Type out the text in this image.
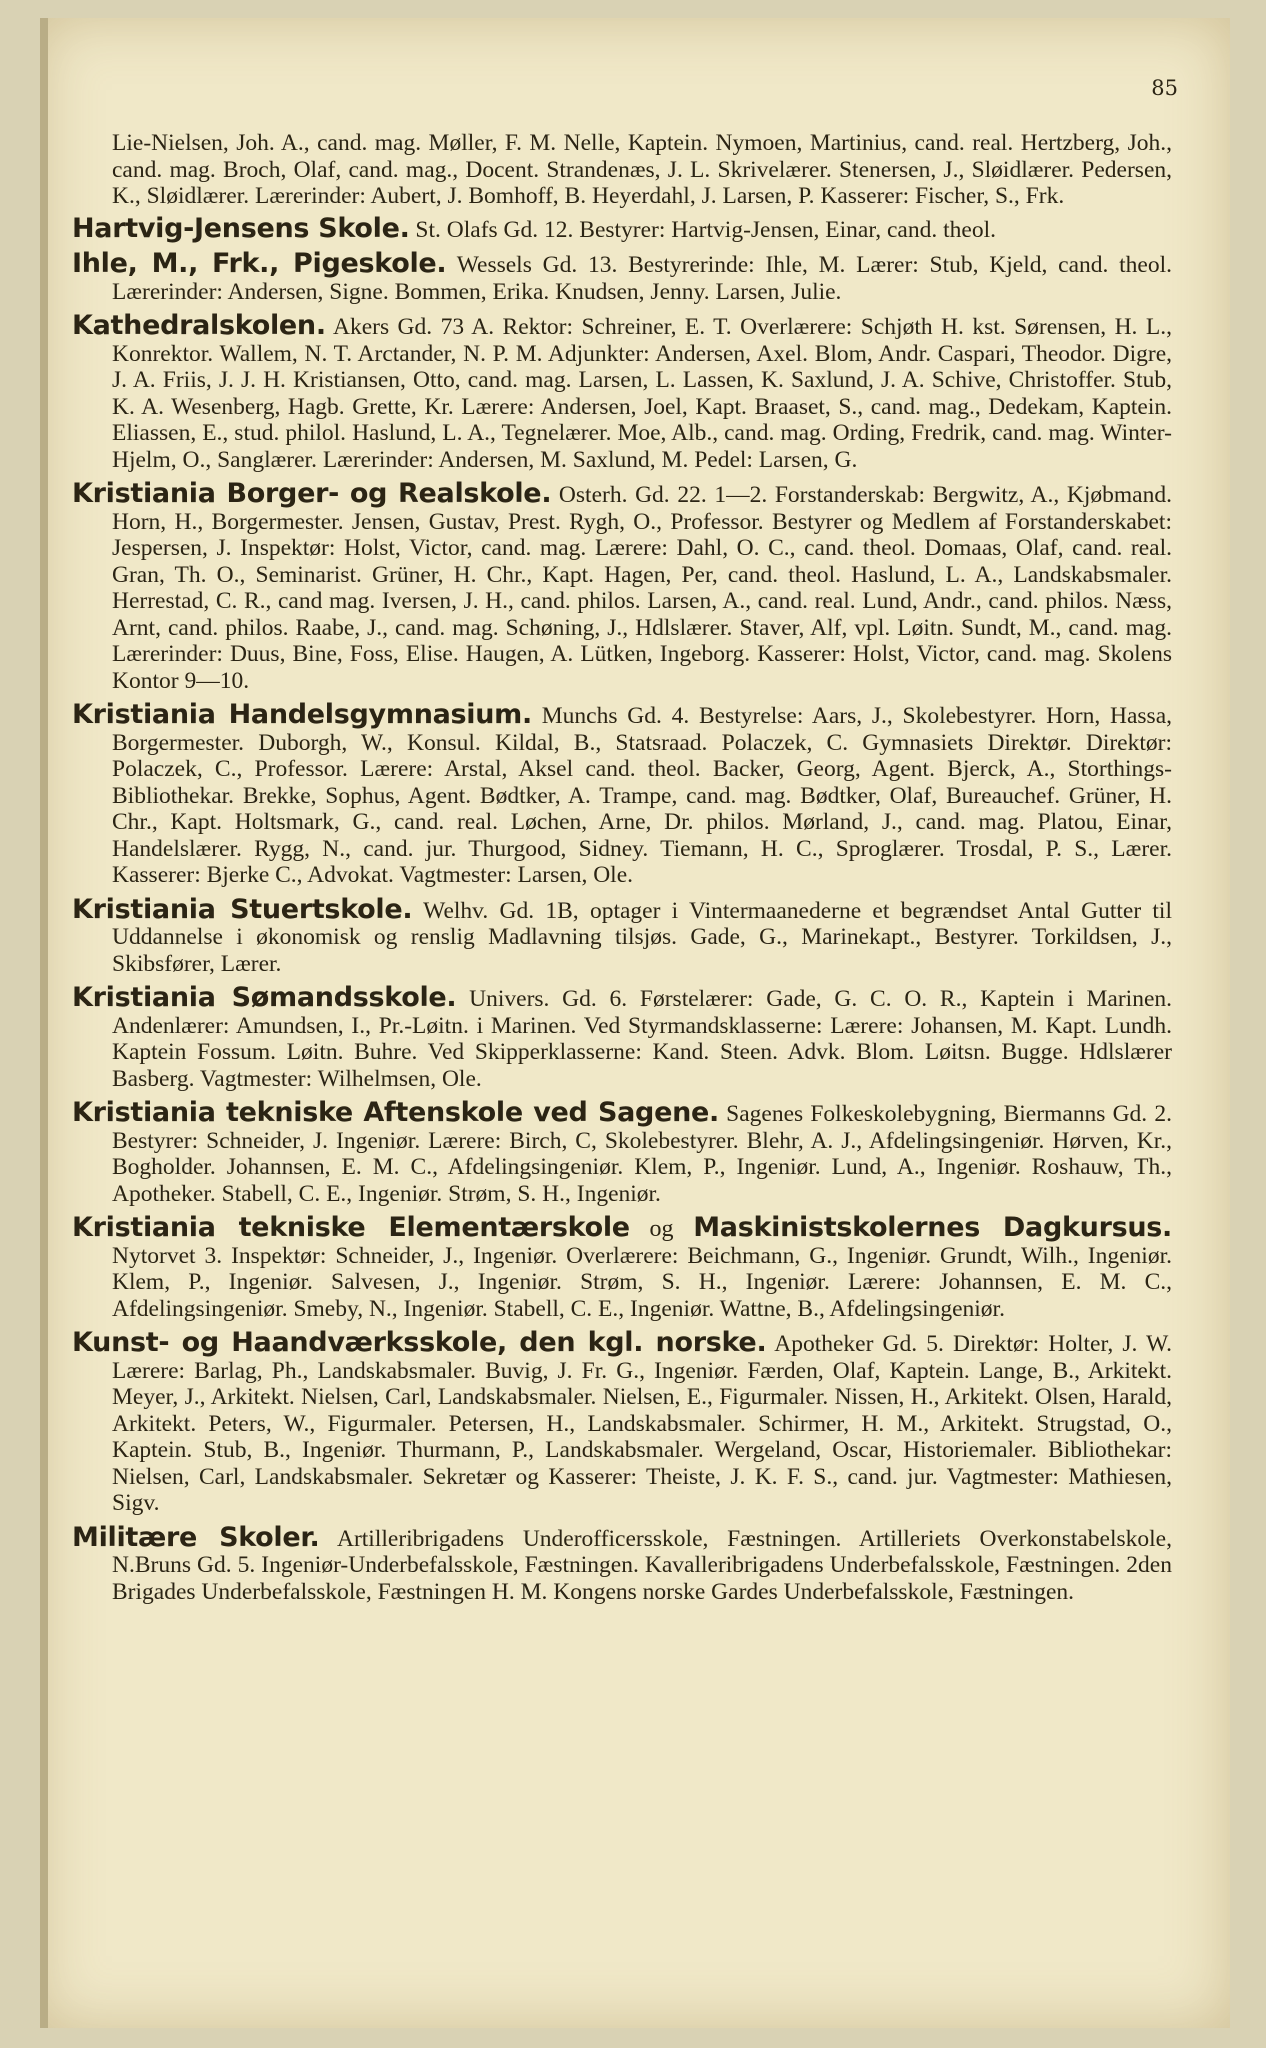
85

Lie-Nielsen, Joh. A., cand. mag. Møller, F. M. Nelle, Kaptein. Nymoen, Martinius, cand. real. Hertzberg, Joh., cand. mag. Broch, Olaf, cand. mag., Docent. Strandenæs, J. L. Skrivelærer. Stenersen, J., Sløidlærer. Pedersen, K., Sløidlærer. Lærerinder: Aubert, J. Bomhoff, B. Heyerdahl, J. Larsen, P. Kasserer: Fischer, S., Frk.

Hartvig-Jensens Skole. St. Olafs Gd. 12. Bestyrer: Hartvig-Jensen, Einar, cand. theol.

Ihle, M., Frk., Pigeskole. Wessels Gd. 13. Bestyrerinde: Ihle, M. Lærer: Stub, Kjeld, cand. theol. Lærerinder: Andersen, Signe. Bommen, Erika. Knudsen, Jenny. Larsen, Julie.

Kathedralskolen. Akers Gd. 73 A. Rektor: Schreiner, E. T. Overlærere: Schjøth H. kst. Sørensen, H. L., Konrektor. Wallem, N. T. Arctander, N. P. M. Adjunkter: Andersen, Axel. Blom, Andr. Caspari, Theodor. Digre, J. A. Friis, J. J. H. Kristiansen, Otto, cand. mag. Larsen, L. Lassen, K. Saxlund, J. A. Schive, Christoffer. Stub, K. A. Wesenberg, Hagb. Grette, Kr. Lærere: Andersen, Joel, Kapt. Braaset, S., cand. mag., Dedekam, Kaptein. Eliassen, E., stud. philol. Haslund, L. A., Tegnelærer. Moe, Alb., cand. mag. Ording, Fredrik, cand. mag. Winter-Hjelm, O., Sanglærer. Lærerinder: Andersen, M. Saxlund, M. Pedel: Larsen, G.

Kristiania Borger- og Realskole. Osterh. Gd. 22. 1—2. Forstanderskab: Bergwitz, A., Kjøbmand. Horn, H., Borgermester. Jensen, Gustav, Prest. Rygh, O., Professor. Bestyrer og Medlem af Forstanderskabet: Jespersen, J. Inspektør: Holst, Victor, cand. mag. Lærere: Dahl, O. C., cand. theol. Domaas, Olaf, cand. real. Gran, Th. O., Seminarist. Grüner, H. Chr., Kapt. Hagen, Per, cand. theol. Haslund, L. A., Landskabsmaler. Herrestad, C. R., cand mag. Iversen, J. H., cand. philos. Larsen, A., cand. real. Lund, Andr., cand. philos. Næss, Arnt, cand. philos. Raabe, J., cand. mag. Schøning, J., Hdlslærer. Staver, Alf, vpl. Løitn. Sundt, M., cand. mag. Lærerinder: Duus, Bine, Foss, Elise. Haugen, A. Lütken, Ingeborg. Kasserer: Holst, Victor, cand. mag. Skolens Kontor 9—10.

Kristiania Handelsgymnasium. Munchs Gd. 4. Bestyrelse: Aars, J., Skolebestyrer. Horn, Hassa, Borgermester. Duborgh, W., Konsul. Kildal, B., Statsraad. Polaczek, C. Gymnasiets Direktør. Direktør: Polaczek, C., Professor. Lærere: Arstal, Aksel cand. theol. Backer, Georg, Agent. Bjerck, A., Storthings-Bibliothekar. Brekke, Sophus, Agent. Bødtker, A. Trampe, cand. mag. Bødtker, Olaf, Bureauchef. Grüner, H. Chr., Kapt. Holtsmark, G., cand. real. Løchen, Arne, Dr. philos. Mørland, J., cand. mag. Platou, Einar, Handelslærer. Rygg, N., cand. jur. Thurgood, Sidney. Tiemann, H. C., Sproglærer. Trosdal, P. S., Lærer. Kasserer: Bjerke C., Advokat. Vagtmester: Larsen, Ole.

Kristiania Stuertskole. Welhv. Gd. 1B, optager i Vintermaanederne et begrændset Antal Gutter til Uddannelse i økonomisk og renslig Madlavning tilsjøs. Gade, G., Marinekapt., Bestyrer. Torkildsen, J., Skibsfører, Lærer.

Kristiania Sømandsskole. Univers. Gd. 6. Førstelærer: Gade, G. C. O. R., Kaptein i Marinen. Andenlærer: Amundsen, I., Pr.-Løitn. i Marinen. Ved Styrmandsklasserne: Lærere: Johansen, M. Kapt. Lundh. Kaptein Fossum. Løitn. Buhre. Ved Skipperklasserne: Kand. Steen. Advk. Blom. Løitsn. Bugge. Hdlslærer Basberg. Vagtmester: Wilhelmsen, Ole.

Kristiania tekniske Aftenskole ved Sagene. Sagenes Folkeskolebygning, Biermanns Gd. 2. Bestyrer: Schneider, J. Ingeniør. Lærere: Birch, C, Skolebestyrer. Blehr, A. J., Afdelingsingeniør. Hørven, Kr., Bogholder. Johannsen, E. M. C., Afdelingsingeniør. Klem, P., Ingeniør. Lund, A., Ingeniør. Roshauw, Th., Apotheker. Stabell, C. E., Ingeniør. Strøm, S. H., Ingeniør.

Kristiania tekniske Elementærskole og Maskinistskolernes Dagkursus. Nytorvet 3. Inspektør: Schneider, J., Ingeniør. Overlærere: Beichmann, G., Ingeniør. Grundt, Wilh., Ingeniør. Klem, P., Ingeniør. Salvesen, J., Ingeniør. Strøm, S. H., Ingeniør. Lærere: Johannsen, E. M. C., Afdelingsingeniør. Smeby, N., Ingeniør. Stabell, C. E., Ingeniør. Wattne, B., Afdelingsingeniør.

Kunst- og Haandværksskole, den kgl. norske. Apotheker Gd. 5. Direktør: Holter, J. W. Lærere: Barlag, Ph., Landskabsmaler. Buvig, J. Fr. G., Ingeniør. Færden, Olaf, Kaptein. Lange, B., Arkitekt. Meyer, J., Arkitekt. Nielsen, Carl, Landskabsmaler. Nielsen, E., Figurmaler. Nissen, H., Arkitekt. Olsen, Harald, Arkitekt. Peters, W., Figurmaler. Petersen, H., Landskabsmaler. Schirmer, H. M., Arkitekt. Strugstad, O., Kaptein. Stub, B., Ingeniør. Thurmann, P., Landskabsmaler. Wergeland, Oscar, Historiemaler. Bibliothekar: Nielsen, Carl, Landskabsmaler. Sekretær og Kasserer: Theiste, J. K. F. S., cand. jur. Vagtmester: Mathiesen, Sigv.

Militære Skoler. Artilleribrigadens Underofficersskole, Fæstningen. Artilleriets Overkonstabelskole, N.Bruns Gd. 5. Ingeniør-Underbefalsskole, Fæstningen. Kavalleribrigadens Underbefalsskole, Fæstningen. 2den Brigades Underbefalsskole, Fæstningen H. M. Kongens norske Gardes Underbefalsskole, Fæstningen.
